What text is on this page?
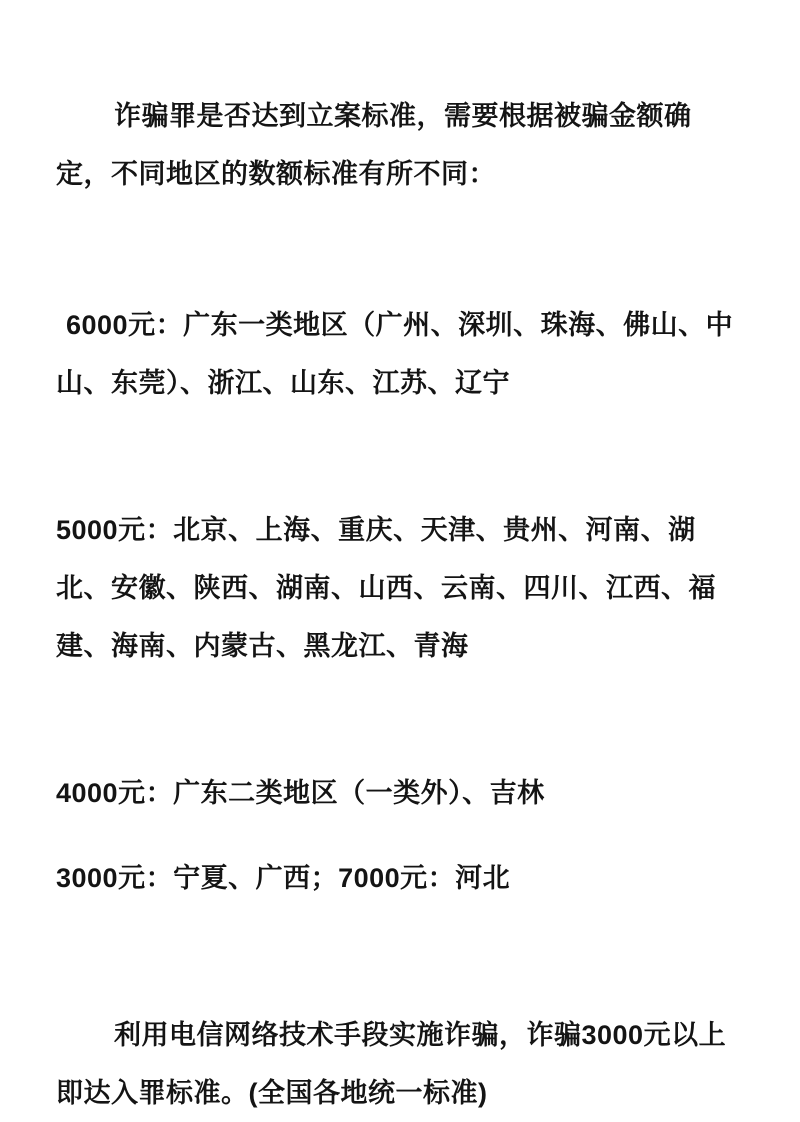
诈骗罪是否达到立案标准，需要根据被骗金额确定，不同地区的数额标准有所不同：

6000元：广东一类地区（广州、深圳、珠海、佛山、中山、东莞）、浙江、山东、江苏、辽宁

5000元：北京、上海、重庆、天津、贵州、河南、湖北、安徽、陕西、湖南、山西、云南、四川、江西、福建、海南、内蒙古、黑龙江、青海

4000元：广东二类地区（一类外）、吉林

3000元：宁夏、广西；7000元：河北

利用电信网络技术手段实施诈骗，诈骗3000元以上即达入罪标准。(全国各地统一标准)
